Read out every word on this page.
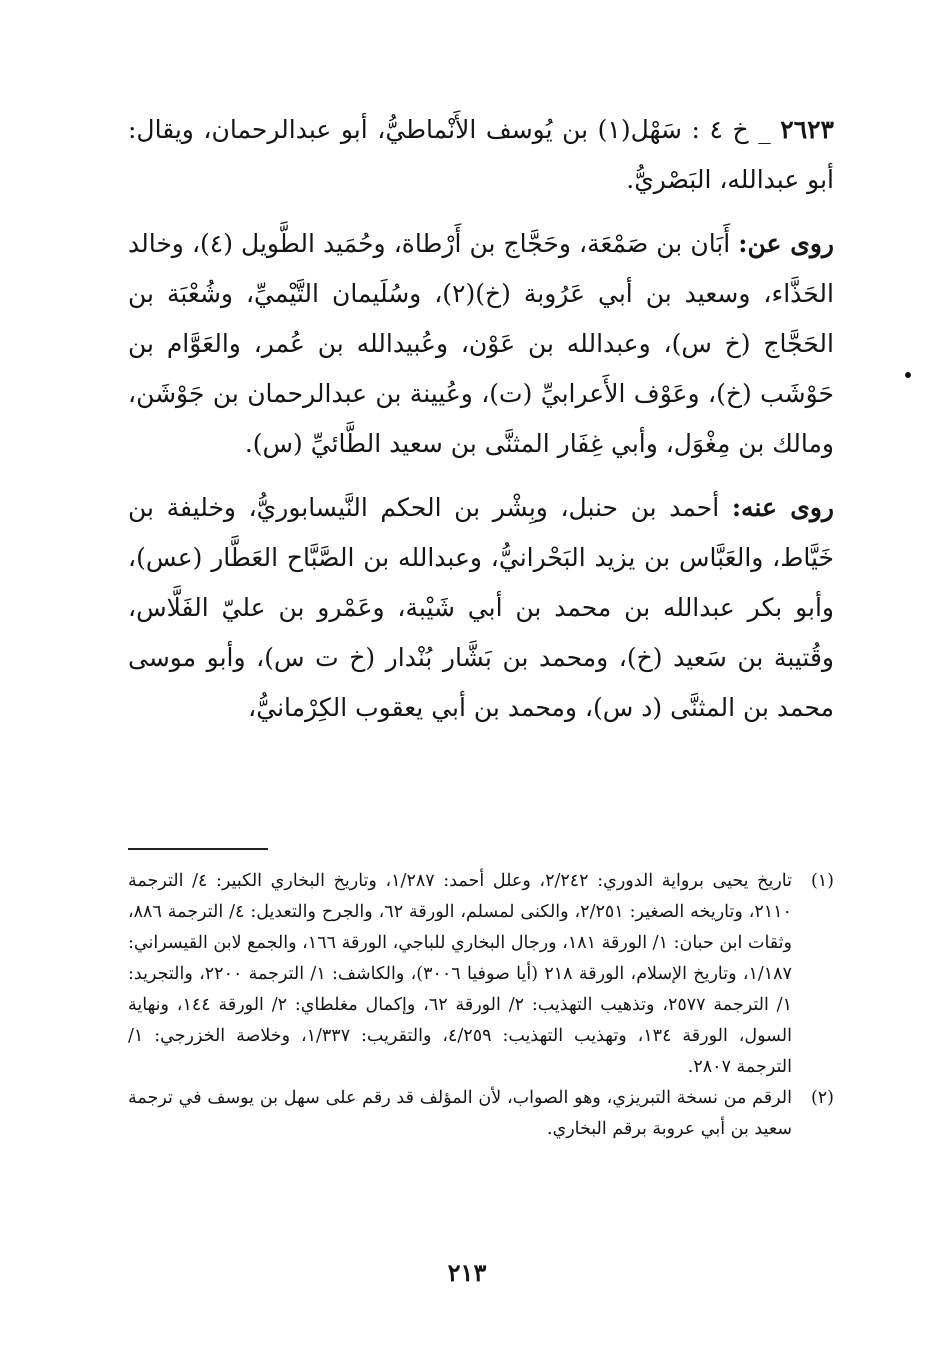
٢٦٢٣ _ خ ٤ : سَهْل(١) بن يُوسف الأَنْماطيُّ، أبو عبدالرحمان، ويقال: أبو عبدالله، البَصْريُّ.

روى عن: أَبَان بن صَمْعَة، وحَجَّاج بن أَرْطاة، وحُمَيد الطَّويل (٤)، وخالد الحَذَّاء، وسعيد بن أبي عَرُوبة (خ)(٢)، وسُلَيمان التَّيْميِّ، وشُعْبَة بن الحَجَّاج (خ س)، وعبدالله بن عَوْن، وعُبيدالله بن عُمر، والعَوَّام بن حَوْشَب (خ)، وعَوْف الأَعرابيِّ (ت)، وعُيينة بن عبدالرحمان بن جَوْشَن، ومالك بن مِغْوَل، وأبي غِفَار المثنَّى بن سعيد الطَّائيِّ (س).

روى عنه: أحمد بن حنبل، وبِشْر بن الحكم النَّيسابوريُّ، وخليفة بن خَيَّاط، والعَبَّاس بن يزيد البَحْرانيُّ، وعبدالله بن الصَّبَّاح العَطَّار (عس)، وأبو بكر عبدالله بن محمد بن أبي شَيْبة، وعَمْرو بن عليّ الفَلَّاس، وقُتيبة بن سَعيد (خ)، ومحمد بن بَشَّار بُنْدار (خ ت س)، وأبو موسى محمد بن المثنَّى (د س)، ومحمد بن أبي يعقوب الكِرْمانيُّ،

(١)
تاريخ يحيى برواية الدوري: ٢/٢٤٢، وعلل أحمد: ١/٢٨٧، وتاريخ البخاري الكبير: ٤/ الترجمة ٢١١٠، وتاريخه الصغير: ٢/٢٥١، والكنى لمسلم، الورقة ٦٢، والجرح والتعديل: ٤/ الترجمة ٨٨٦، وثقات ابن حبان: ١/ الورقة ١٨١، ورجال البخاري للباجي، الورقة ١٦٦، والجمع لابن القيسراني: ١/١٨٧، وتاريخ الإسلام، الورقة ٢١٨ (أيا صوفيا ٣٠٠٦)، والكاشف: ١/ الترجمة ٢٢٠٠، والتجريد: ١/ الترجمة ٢٥٧٧، وتذهيب التهذيب: ٢/ الورقة ٦٢، وإكمال مغلطاي: ٢/ الورقة ١٤٤، ونهاية السول، الورقة ١٣٤، وتهذيب التهذيب: ٤/٢٥٩، والتقريب: ١/٣٣٧، وخلاصة الخزرجي: ١/ الترجمة ٢٨٠٧.
(٢)
الرقم من نسخة التبريزي، وهو الصواب، لأن المؤلف قد رقم على سهل بن يوسف في ترجمة سعيد بن أبي عروبة برقم البخاري.
٢١٣
